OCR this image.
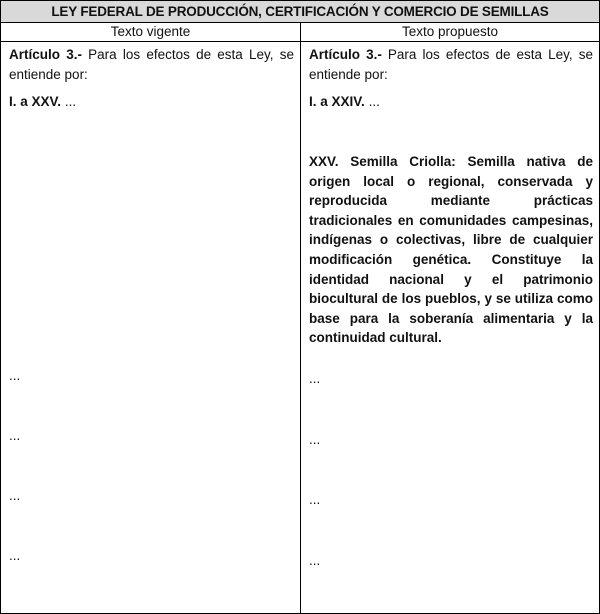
LEY FEDERAL DE PRODUCCIÓN, CERTIFICACIÓN Y COMERCIO DE SEMILLAS
Texto vigente	Texto propuesto
Artículo 3.- Para los efectos de esta Ley, se entiende por:
I. a XXV. ...
...
...
...
...
Artículo 3.- Para los efectos de esta Ley, se entiende por:
I. a XXIV. ...
XXV. Semilla Criolla: Semilla nativa de origen local o regional, conservada y reproducida mediante prácticas tradicionales en comunidades campesinas, indígenas o colectivas, libre de cualquier modificación genética. Constituye la identidad nacional y el patrimonio biocultural de los pueblos, y se utiliza como base para la soberanía alimentaria y la continuidad cultural.
...
...
...
...
